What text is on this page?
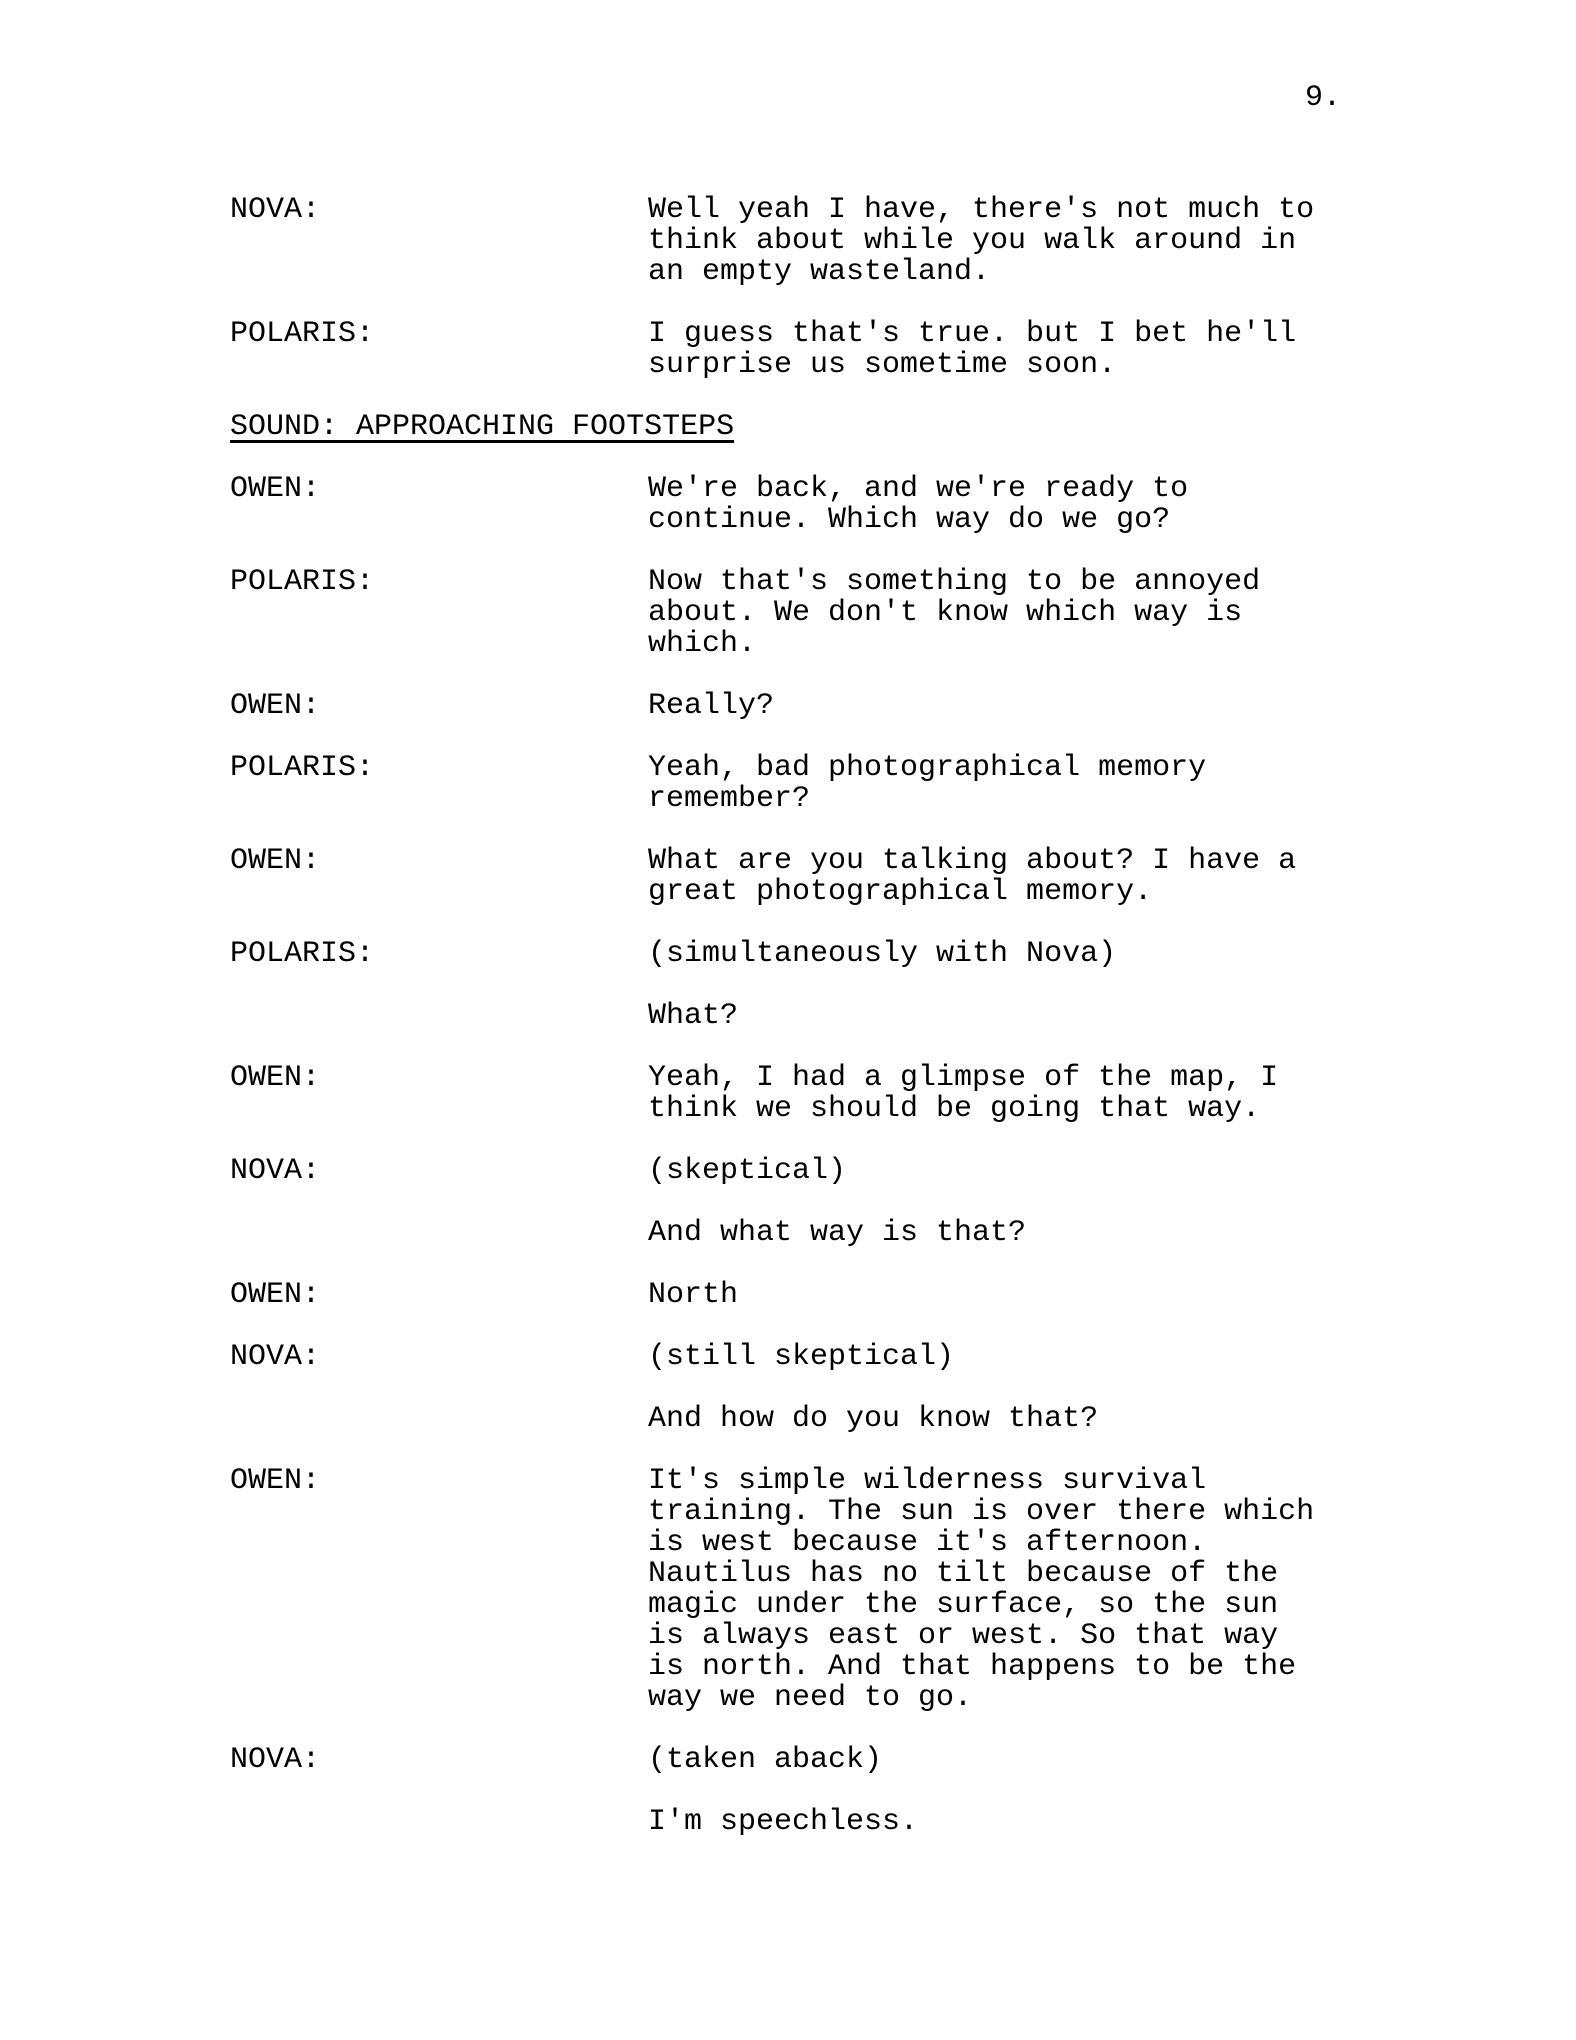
9.
NOVA:	Well yeah I have, there's not much to think about while you walk around in an empty wasteland.

POLARIS:	I guess that's true. but I bet he'll surprise us sometime soon.

SOUND: APPROACHING FOOTSTEPS
OWEN:	We're back, and we're ready to continue. Which way do we go?

POLARIS:	Now that's something to be annoyed about. We don't know which way is which.

OWEN:	Really?

POLARIS:	Yeah, bad photographical memory remember?

OWEN:	What are you talking about? I have a great photographical memory.

POLARIS:	(simultaneously with Nova)

What?

OWEN:	Yeah, I had a glimpse of the map, I think we should be going that way.

NOVA:	(skeptical)

And what way is that?

OWEN:	North

NOVA:	(still skeptical)

And how do you know that?

OWEN:	It's simple wilderness survival training. The sun is over there which is west because it's afternoon. Nautilus has no tilt because of the magic under the surface, so the sun is always east or west. So that way is north. And that happens to be the way we need to go.

NOVA:	(taken aback)

I'm speechless.
